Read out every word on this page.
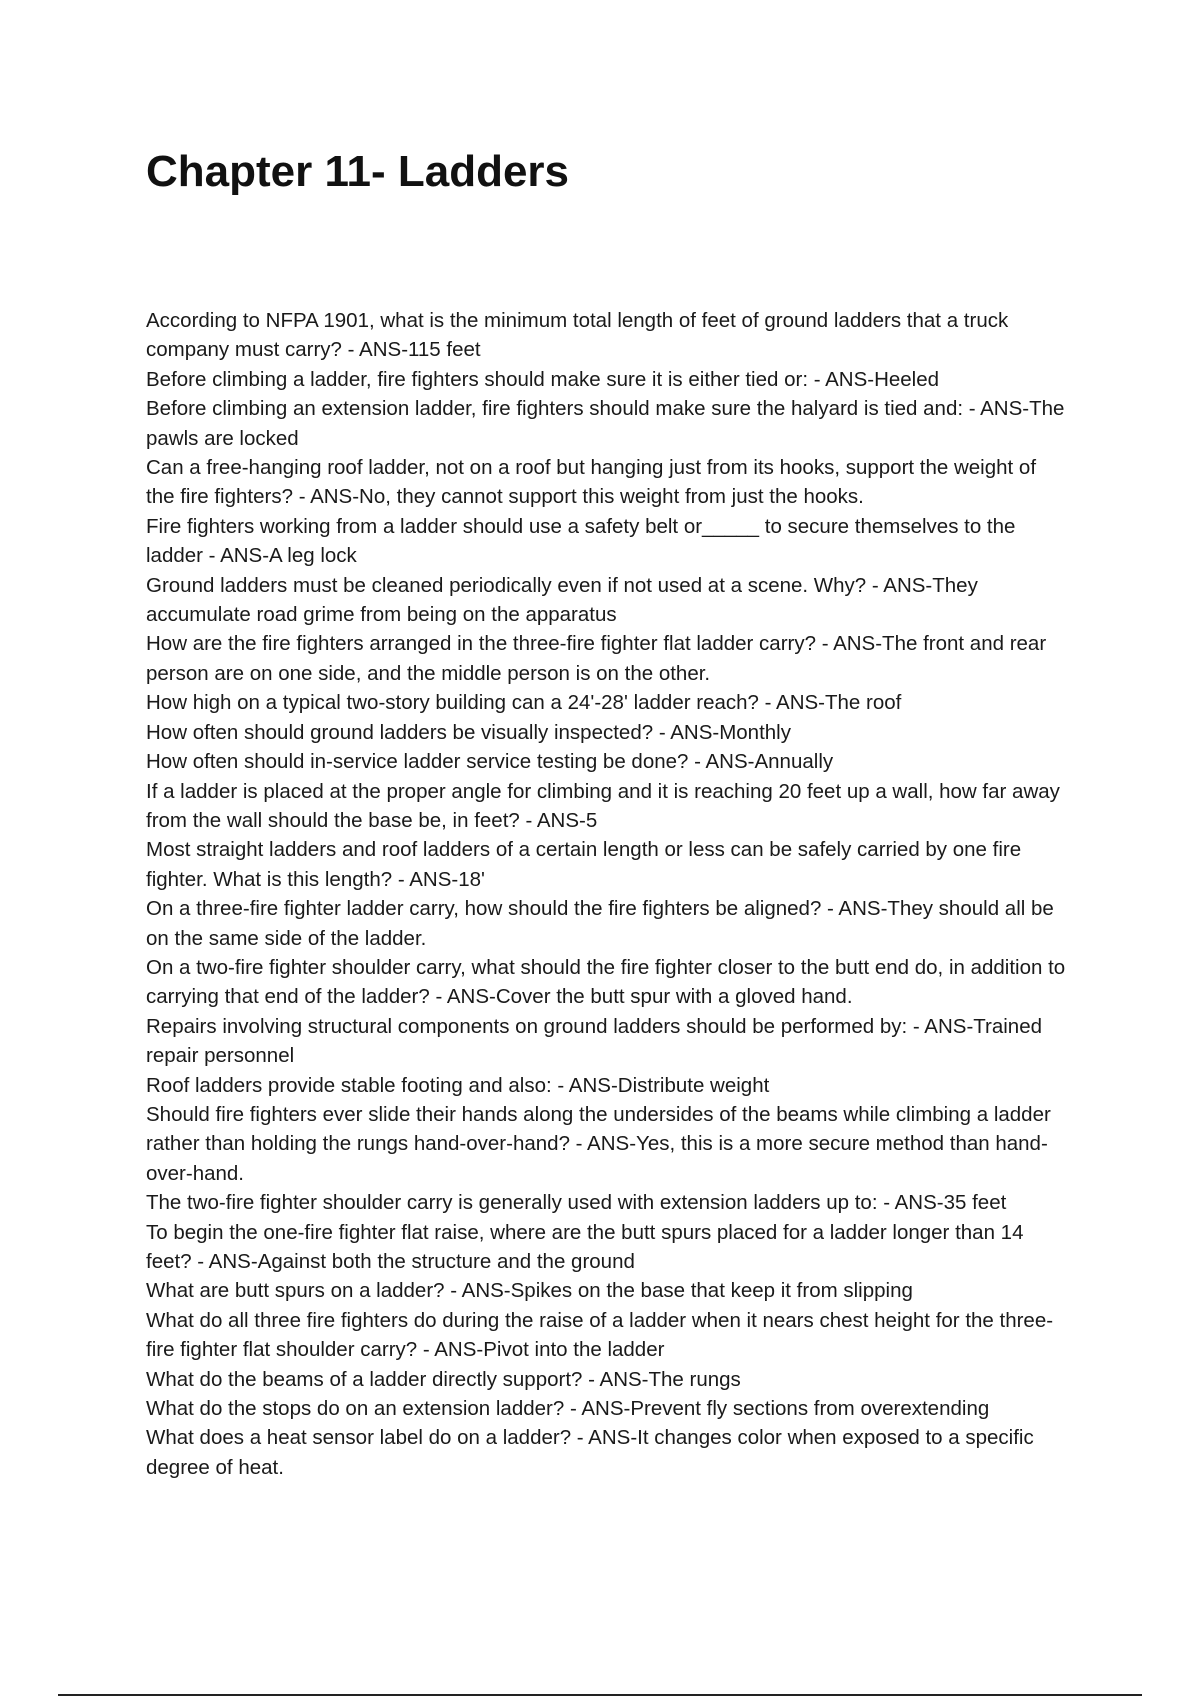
Chapter 11- Ladders
According to NFPA 1901, what is the minimum total length of feet of ground ladders that a truck company must carry? - ANS-115 feet
Before climbing a ladder, fire fighters should make sure it is either tied or: - ANS-Heeled
Before climbing an extension ladder, fire fighters should make sure the halyard is tied and: - ANS-The pawls are locked
Can a free-hanging roof ladder, not on a roof but hanging just from its hooks, support the weight of the fire fighters? - ANS-No, they cannot support this weight from just the hooks.
Fire fighters working from a ladder should use a safety belt or_____ to secure themselves to the ladder - ANS-A leg lock
Ground ladders must be cleaned periodically even if not used at a scene. Why? - ANS-They accumulate road grime from being on the apparatus
How are the fire fighters arranged in the three-fire fighter flat ladder carry? - ANS-The front and rear person are on one side, and the middle person is on the other.
How high on a typical two-story building can a 24'-28' ladder reach? - ANS-The roof
How often should ground ladders be visually inspected? - ANS-Monthly
How often should in-service ladder service testing be done? - ANS-Annually
If a ladder is placed at the proper angle for climbing and it is reaching 20 feet up a wall, how far away from the wall should the base be, in feet? - ANS-5
Most straight ladders and roof ladders of a certain length or less can be safely carried by one fire fighter. What is this length? - ANS-18'
On a three-fire fighter ladder carry, how should the fire fighters be aligned? - ANS-They should all be on the same side of the ladder.
On a two-fire fighter shoulder carry, what should the fire fighter closer to the butt end do, in addition to carrying that end of the ladder? - ANS-Cover the butt spur with a gloved hand.
Repairs involving structural components on ground ladders should be performed by: - ANS-Trained repair personnel
Roof ladders provide stable footing and also: - ANS-Distribute weight
Should fire fighters ever slide their hands along the undersides of the beams while climbing a ladder rather than holding the rungs hand-over-hand? - ANS-Yes, this is a more secure method than hand-over-hand.
The two-fire fighter shoulder carry is generally used with extension ladders up to: - ANS-35 feet
To begin the one-fire fighter flat raise, where are the butt spurs placed for a ladder longer than 14 feet? - ANS-Against both the structure and the ground
What are butt spurs on a ladder? - ANS-Spikes on the base that keep it from slipping
What do all three fire fighters do during the raise of a ladder when it nears chest height for the three-fire fighter flat shoulder carry? - ANS-Pivot into the ladder
What do the beams of a ladder directly support? - ANS-The rungs
What do the stops do on an extension ladder? - ANS-Prevent fly sections from overextending
What does a heat sensor label do on a ladder? - ANS-It changes color when exposed to a specific degree of heat.
